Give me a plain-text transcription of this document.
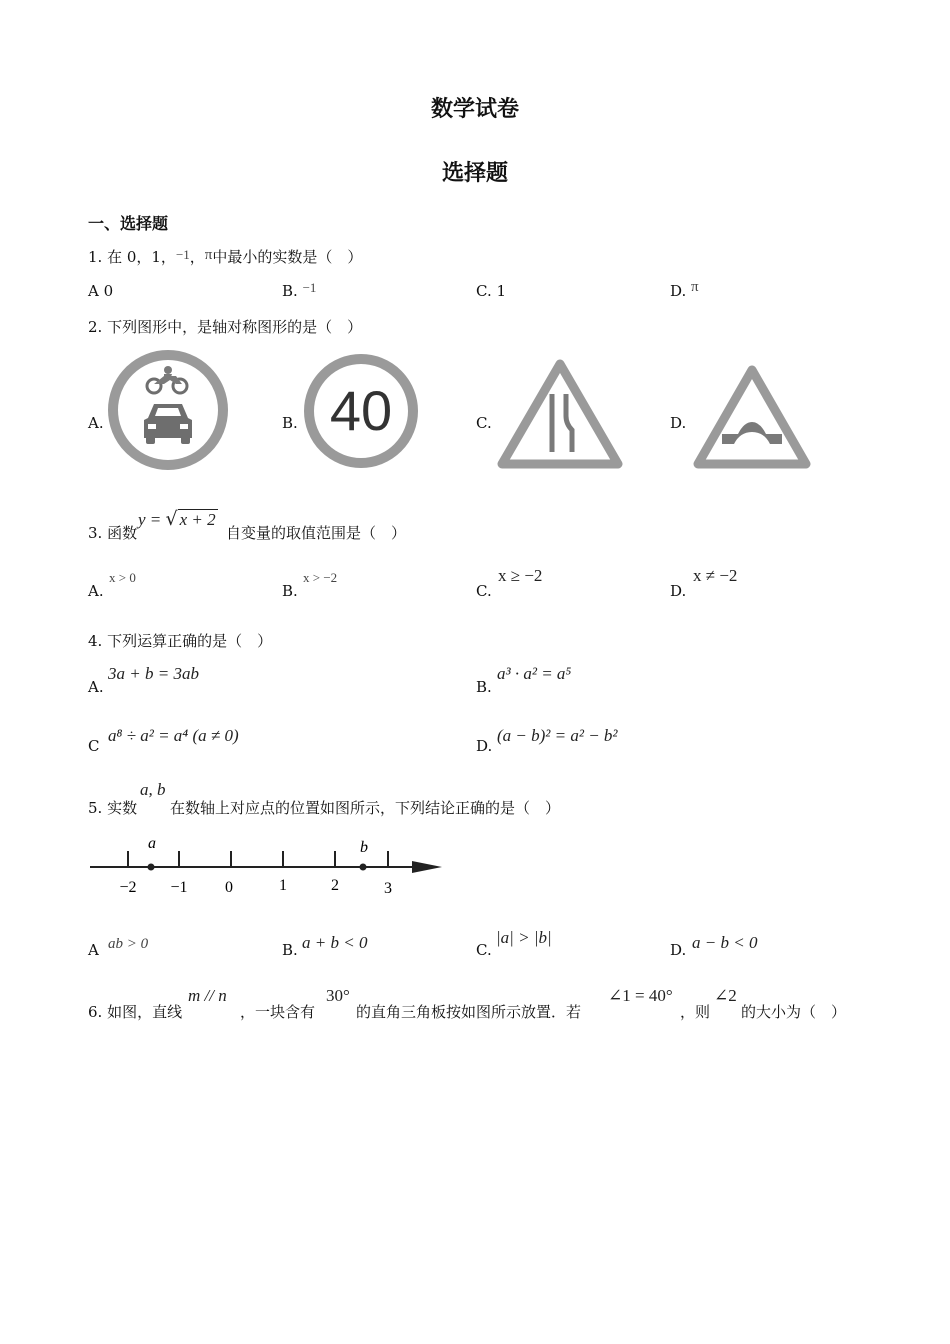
数学试卷
选择题
一、选择题
1. 在 0，1，−1，π中最小的实数是（　）
A 0	B. −1	C. 1	D. π
2. 下列图形中，是轴对称图形的是（　）
A.	B.	C.	D.
40
3. 函数
y = √ x + 2
自变量的取值范围是（　）
A.
x > 0
B.
x > −2
C.
x ≥ −2
D.
x ≠ −2
4. 下列运算正确的是（　）
A.
3a + b = 3ab
B.
a³ · a² = a⁵
C
a⁸ ÷ a² = a⁴ (a ≠ 0)
D.
(a − b)² = a² − b²
5. 实数
a, b
在数轴上对应点的位置如图所示，下列结论正确的是（　）
a	b
−2 −1 0	1	2	3
A ab > 0	B. a + b < 0	C.
|a| > |b|
D. a − b < 0
6. 如图，直线
m // n
，一块含有
30°
的直角三角板按如图所示放置．若
∠1 = 40°
，则
∠2
的大小为（　）
